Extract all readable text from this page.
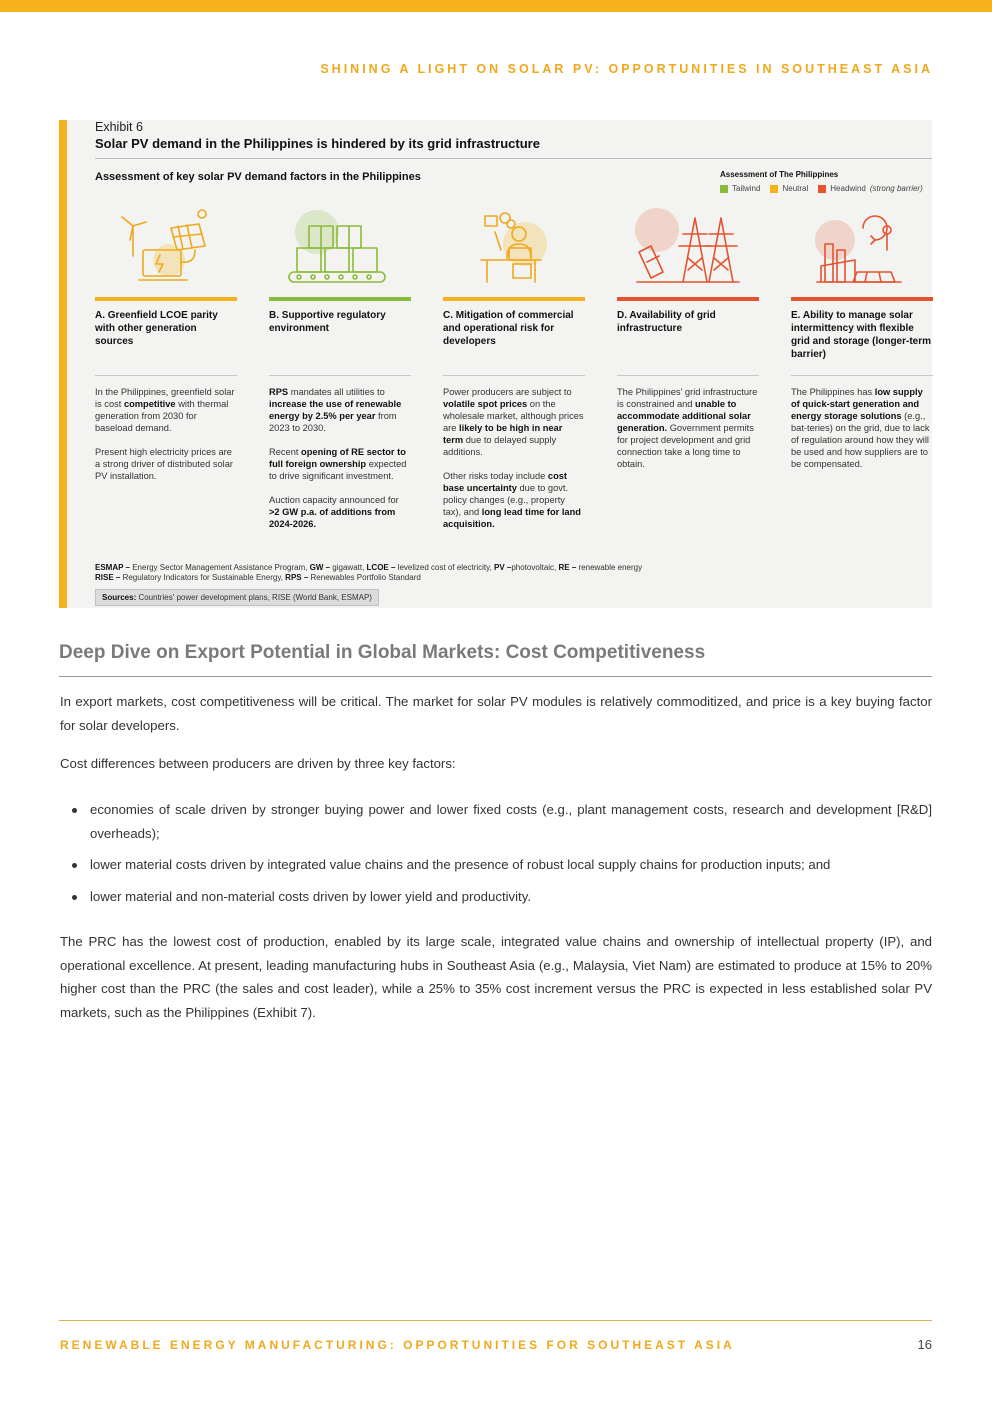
SHINING A LIGHT ON SOLAR PV: OPPORTUNITIES IN SOUTHEAST ASIA
Exhibit 6
Solar PV demand in the Philippines is hindered by its grid infrastructure
Assessment of key solar PV demand factors in the Philippines	Assessment of The Philippines
Tailwind	Neutral	Headwind (strong barrier)
A. Greenfield LCOE parity with other generation sources

In the Philippines, greenfield solar is cost competitive with thermal generation from 2030 for baseload demand.

Present high electricity prices are a strong driver of distributed solar PV installation.

B. Supportive regulatory environment

RPS mandates all utilities to increase the use of renewable energy by 2.5% per year from 2023 to 2030.

Recent opening of RE sector to full foreign ownership expected to drive significant investment.

Auction capacity announced for >2 GW p.a. of additions from 2024-2026.

C. Mitigation of commercial and operational risk for developers

Power producers are subject to volatile spot prices on the wholesale market, although prices are likely to be high in near term due to delayed supply additions.

Other risks today include cost base uncertainty due to govt. policy changes (e.g., property tax), and long lead time for land acquisition.

D. Availability of grid infrastructure

The Philippines' grid infrastructure is constrained and unable to accommodate additional solar generation. Government permits for project development and grid connection take a long time to obtain.

E. Ability to manage solar intermittency with flexible grid and storage (longer-term barrier)

The Philippines has low supply of quick-start generation and energy storage solutions (e.g., bat-teries) on the grid, due to lack of regulation around how they will be used and how suppliers are to be compensated.

ESMAP – Energy Sector Management Assistance Program, GW – gigawatt, LCOE – levelized cost of electricity, PV –photovoltaic, RE – renewable energy
RISE – Regulatory Indicators for Sustainable Energy, RPS – Renewables Portfolio Standard
Sources: Countries' power development plans, RISE (World Bank, ESMAP)
Deep Dive on Export Potential in Global Markets: Cost Competitiveness
In export markets, cost competitiveness will be critical. The market for solar PV modules is relatively commoditized, and price is a key buying factor for solar developers.
Cost differences between producers are driven by three key factors:
economies of scale driven by stronger buying power and lower fixed costs (e.g., plant management costs, research and development [R&D] overheads);
lower material costs driven by integrated value chains and the presence of robust local supply chains for production inputs; and
lower material and non-material costs driven by lower yield and productivity.
The PRC has the lowest cost of production, enabled by its large scale, integrated value chains and ownership of intellectual property (IP), and operational excellence. At present, leading manufacturing hubs in Southeast Asia (e.g., Malaysia, Viet Nam) are estimated to produce at 15% to 20% higher cost than the PRC (the sales and cost leader), while a 25% to 35% cost increment versus the PRC is expected in less established solar PV markets, such as the Philippines (Exhibit 7).
RENEWABLE ENERGY MANUFACTURING: OPPORTUNITIES FOR SOUTHEAST ASIA	16
